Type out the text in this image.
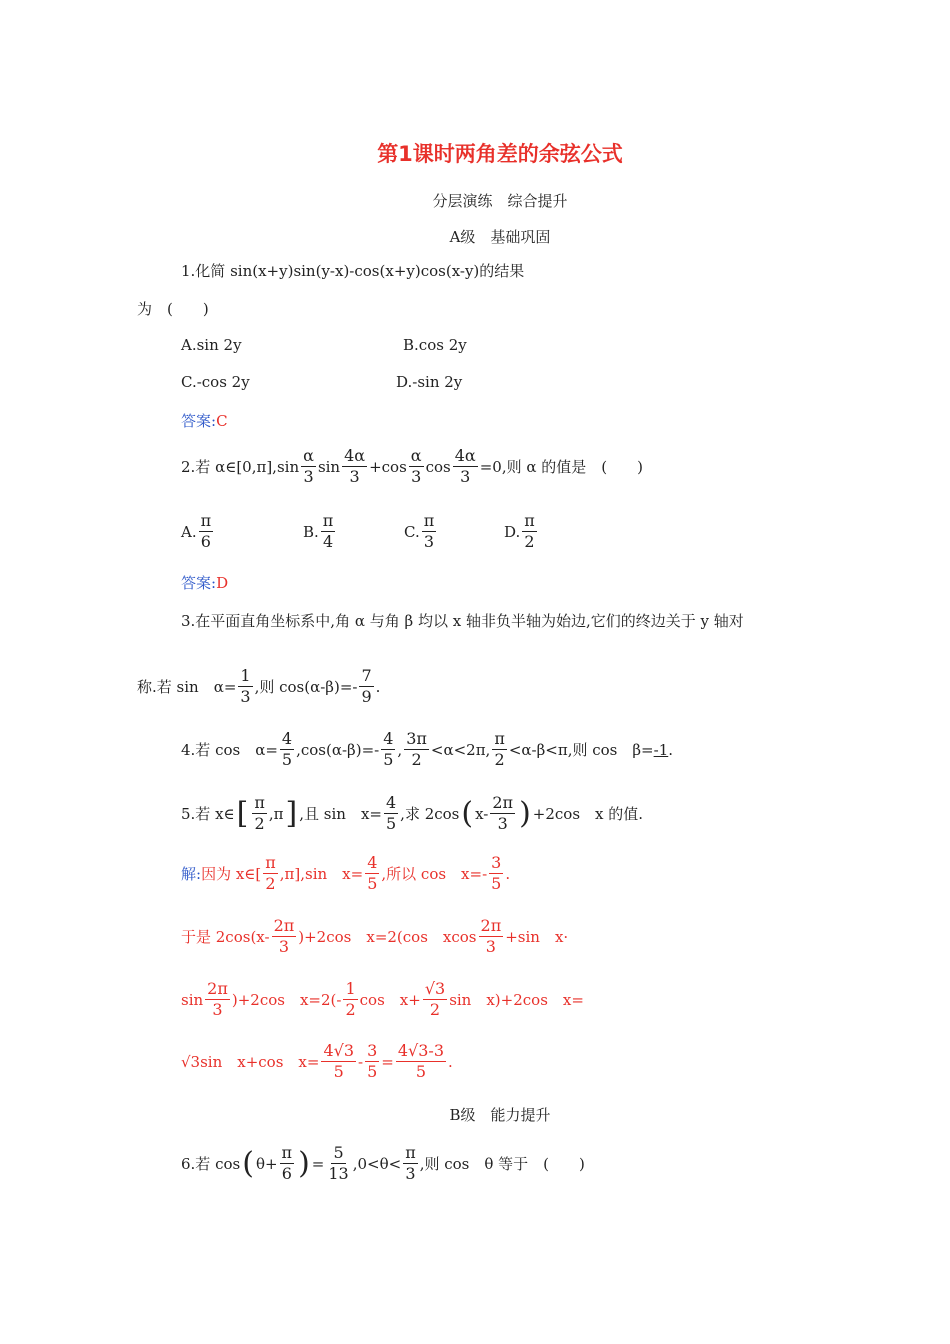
第1课时两角差的余弦公式
分层演练　综合提升
A级　基础巩固
1.化简 sin(x+y)sin(y-x)-cos(x+y)cos(x-y)的结果
为　(　　)
A.sin 2y	B.cos 2y
C.-cos 2y	D.-sin 2y
答案: C
2.若 α∈[0,π],sin $\frac{\alpha}{3}$ $\sin \frac{4\alpha}{3} +\cos \frac{\alpha}{3}$ $\cos \frac{4\alpha}{3} =0$,则 α 的值是　(　　)
A. $\frac{\pi}{6}$	B. $\frac{\pi}{4}$	C. $\frac{\pi}{3}$	D. $\frac{\pi}{2}$
答案: D
3.在平面直角坐标系中,角 α 与角 β 均以 x 轴非负半轴为始边,它们的终边关于 y 轴对
称.若 sin　$\alpha= \frac{1}{3}$ ,则 $\cos(\alpha-\beta)=- \frac{7}{9}$ .
4.若 cos　$\alpha= \frac{4}{5} ,\cos(\alpha-\beta)=- \frac{4}{5}$ , $\frac{3\pi}{2} <\alpha<2\pi$, $\frac{\pi}{2} <\alpha-\beta<\pi$,则 cos　β= -1 .
5.若 x∈ [ $\frac{\pi}{2} ,\pi$ ] ,且 sin　$x= \frac{4}{5}$ ,求 2cos ( $x- \frac{2\pi}{3}$ ) +2cos　x 的值.
解: 因为 x∈[ $\frac{\pi}{2} ,\pi],\sin$　$x= \frac{4}{5}$ ,所以 cos　$x=- \frac{3}{5}$ .
于是 $2\cos(x- \frac{2\pi}{3} )+2\cos$　x=2(cos　xcos $\frac{2\pi}{3} +\sin$　x·
$\sin \frac{2\pi}{3} )+2\cos$　$x=2(- \frac{1}{2}$ cos　$x+ \frac{√3}{2}$ sin　x)+2cos　x=
√3sin　x+cos　$x= \frac{4√3}{5} - \frac{3}{5} = \frac{4√3-3}{5}$ .
B级　能力提升
6.若 cos ( $\theta+ \frac{\pi}{6}$ ) = $\frac{5}{13} ,0<\theta< \frac{\pi}{3}$ ,则 cos　θ 等于　(　　)
